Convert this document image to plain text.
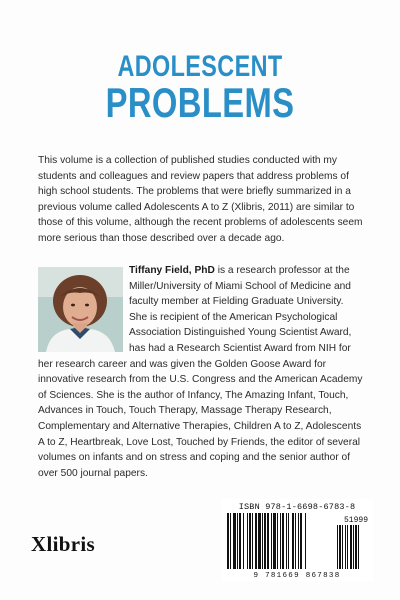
ADOLESCENT
PROBLEMS

This volume is a collection of published studies conducted with my students and colleagues and review papers that address problems of high school students. The problems that were briefly summarized in a previous volume called Adolescents A to Z (Xlibris, 2011) are similar to those of this volume, although the recent problems of adolescents seem more serious than those described over a decade ago.

Tiffany Field, PhD is a research professor at the Miller/University of Miami School of Medicine and faculty member at Fielding Graduate University. She is recipient of the American Psychological Association Distinguished Young Scientist Award, has had a Research Scientist Award from NIH for her research career and was given the Golden Goose Award for innovative research from the U.S. Congress and the American Academy of Sciences. She is the author of Infancy, The Amazing Infant, Touch, Advances in Touch, Touch Therapy, Massage Therapy Research, Complementary and Alternative Therapies, Children A to Z, Adolescents A to Z, Heartbreak, Love Lost, Touched by Friends, the editor of several volumes on infants and on stress and coping and the senior author of over 500 journal papers.

Xlibris
ISBN 978-1-6698-6783-8
51999
9 781669 867838
